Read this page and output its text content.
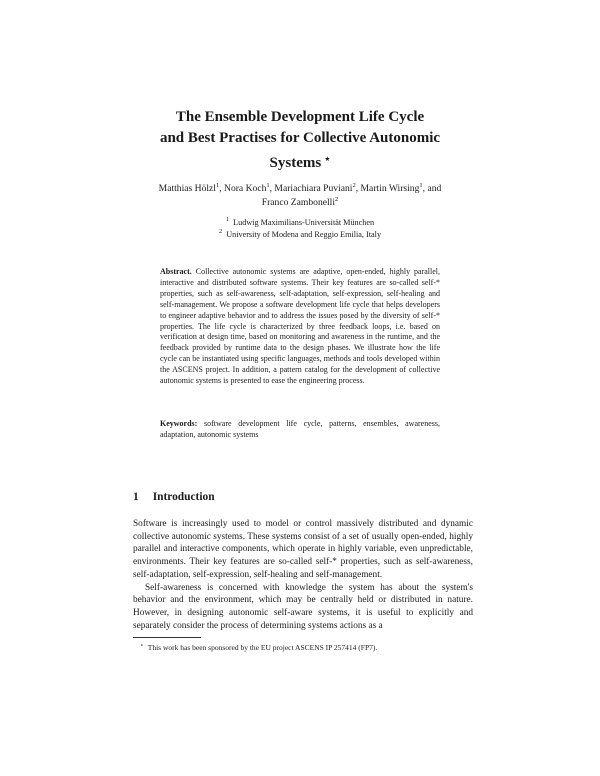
The Ensemble Development Life Cycle
and Best Practises for Collective Autonomic
Systems ⋆
Matthias Hölzl$^1$, Nora Koch$^1$, Mariachiara Puviani$^2$, Martin Wirsing$^1$, and
Franco Zambonelli$^2$
$^1$ Ludwig Maximilians-Universität München
$^2$ University of Modena and Reggio Emilia, Italy
Abstract. Collective autonomic systems are adaptive, open-ended, highly parallel, interactive and distributed software systems. Their key features are so-called self-* properties, such as self-awareness, self-adaptation, self-expression, self-healing and self-management. We propose a software development life cycle that helps developers to engineer adaptive behavior and to address the issues posed by the diversity of self-* properties. The life cycle is characterized by three feedback loops, i.e. based on verification at design time, based on monitoring and awareness in the runtime, and the feedback provided by runtime data to the design phases. We illustrate how the life cycle can be instantiated using specific languages, methods and tools developed within the ASCENS project. In addition, a pattern catalog for the development of collective autonomic systems is presented to ease the engineering process.
Keywords: software development life cycle, patterns, ensembles, awareness, adaptation, autonomic systems
1 Introduction

Software is increasingly used to model or control massively distributed and dynamic collective autonomic systems. These systems consist of a set of usually open-ended, highly parallel and interactive components, which operate in highly variable, even unpredictable, environments. Their key features are so-called self-* properties, such as self-awareness, self-adaptation, self-expression, self-healing and self-management.

Self-awareness is concerned with knowledge the system has about the system's behavior and the environment, which may be centrally held or distributed in nature. However, in designing autonomic self-aware systems, it is useful to explicitly and separately consider the process of determining systems actions as a

⋆ This work has been sponsored by the EU project ASCENS IP 257414 (FP7).
